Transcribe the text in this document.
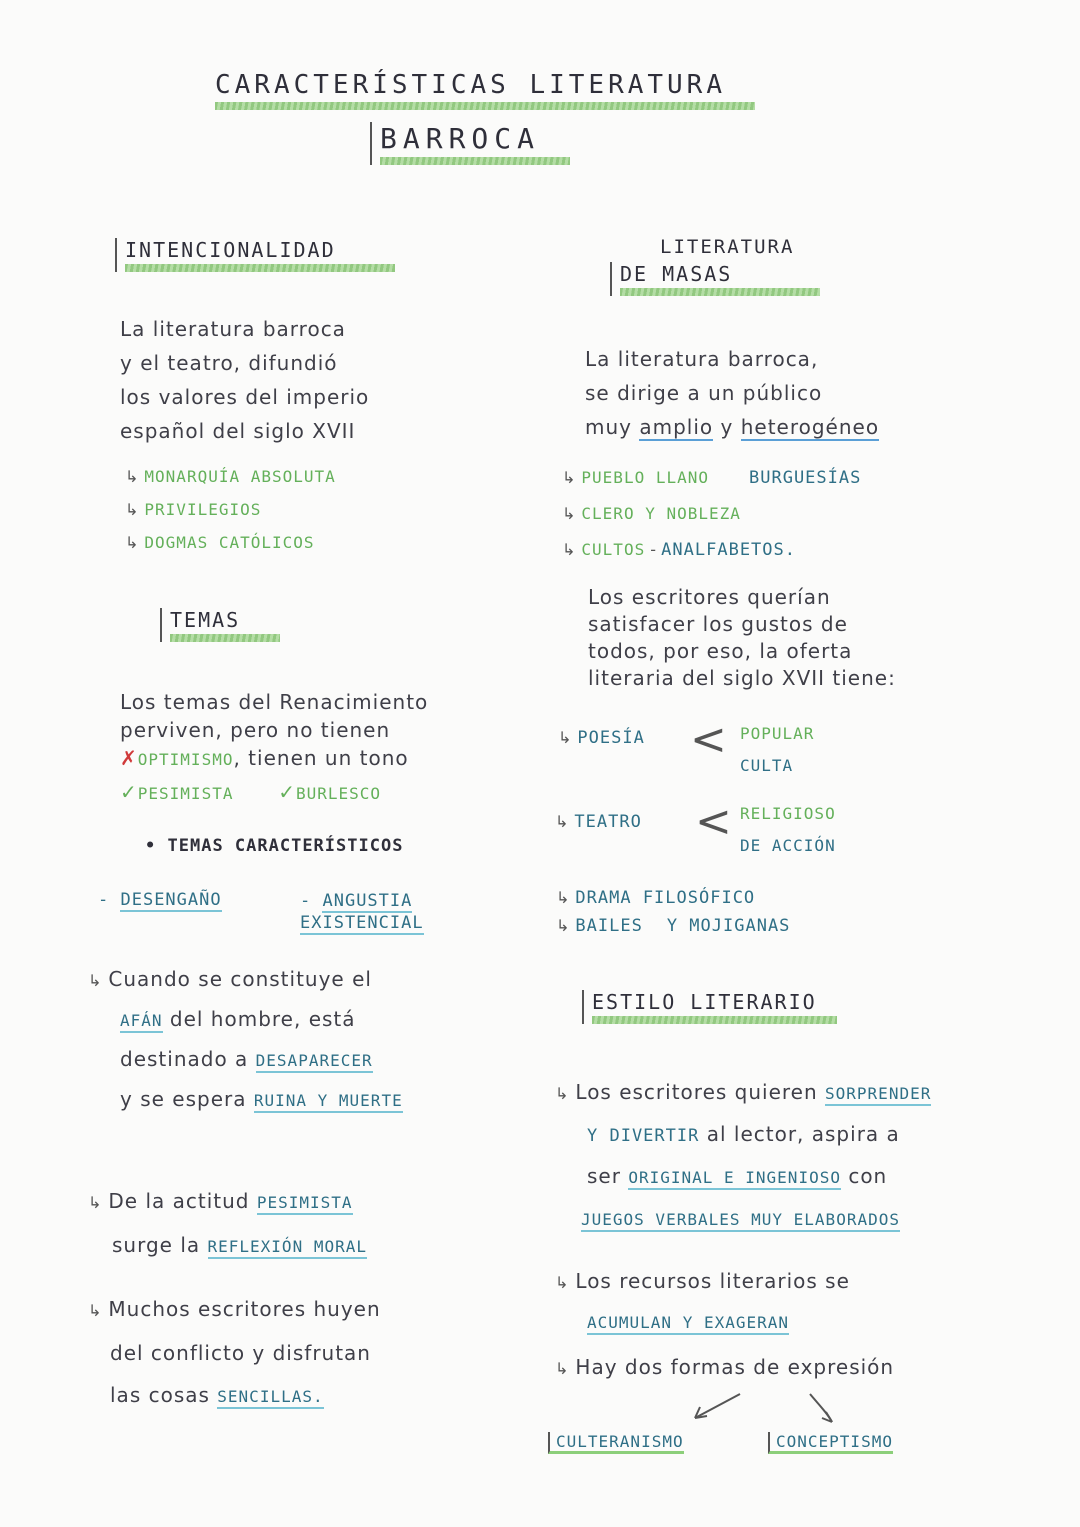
CARACTERÍSTICAS LITERATURA
BARROCA
INTENCIONALIDAD
La literatura barroca
y el teatro, difundió
los valores del imperio
español del siglo XVII
↳ MONARQUÍA ABSOLUTA
↳ PRIVILEGIOS
↳ DOGMAS CATÓLICOS
TEMAS
Los temas del Renacimiento
perviven, pero no tienen
✗OPTIMISMO, tienen un tono
✓PESIMISTA ✓BURLESCO
• TEMAS CARACTERÍSTICOS
- DESENGAÑO	- ANGUSTIA EXISTENCIAL
↳ Cuando se constituye el
AFÁN del hombre, está
destinado a DESAPARECER
y se espera RUINA Y MUERTE
↳ De la actitud PESIMISTA
surge la REFLEXIÓN MORAL
↳ Muchos escritores huyen
del conflicto y disfrutan
las cosas SENCILLAS.
LITERATURA
DE MASAS
La literatura barroca,
se dirige a un público
muy amplio y heterogéneo
↳ PUEBLO LLANO BURGUESÍAS
↳ CLERO Y NOBLEZA
↳ CULTOS - ANALFABETOS.
Los escritores querían
satisfacer los gustos de
todos, por eso, la oferta
literaria del siglo XVII tiene:
↳ POESÍA < POPULAR
CULTA
↳ TEATRO < RELIGIOSO
DE ACCIÓN
↳ DRAMA FILOSÓFICO
↳ BAILES Y MOJIGANAS
ESTILO LITERARIO
↳ Los escritores quieren SORPRENDER
Y DIVERTIR al lector, aspira a
ser ORIGINAL E INGENIOSO con
JUEGOS VERBALES MUY ELABORADOS
↳ Los recursos literarios se
ACUMULAN Y EXAGERAN
↳ Hay dos formas de expresión
CULTERANISMO	CONCEPTISMO
